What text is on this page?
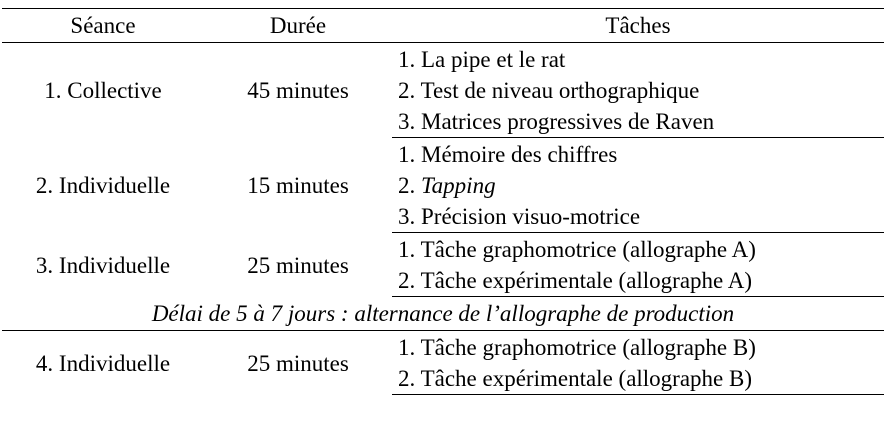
Séance	Durée	Tâches
1. Collective	45 minutes	1. La pipe et le rat
		2. Test de niveau orthographique
		3. Matrices progressives de Raven
2. Individuelle	15 minutes	1. Mémoire des chiffres
		2. Tapping
		3. Précision visuo-motrice
3. Individuelle	25 minutes	1. Tâche graphomotrice (allographe A)
		2. Tâche expérimentale (allographe A)
Délai de 5 à 7 jours : alternance de l’allographe de production		
4. Individuelle	25 minutes	1. Tâche graphomotrice (allographe B)
		2. Tâche expérimentale (allographe B)
